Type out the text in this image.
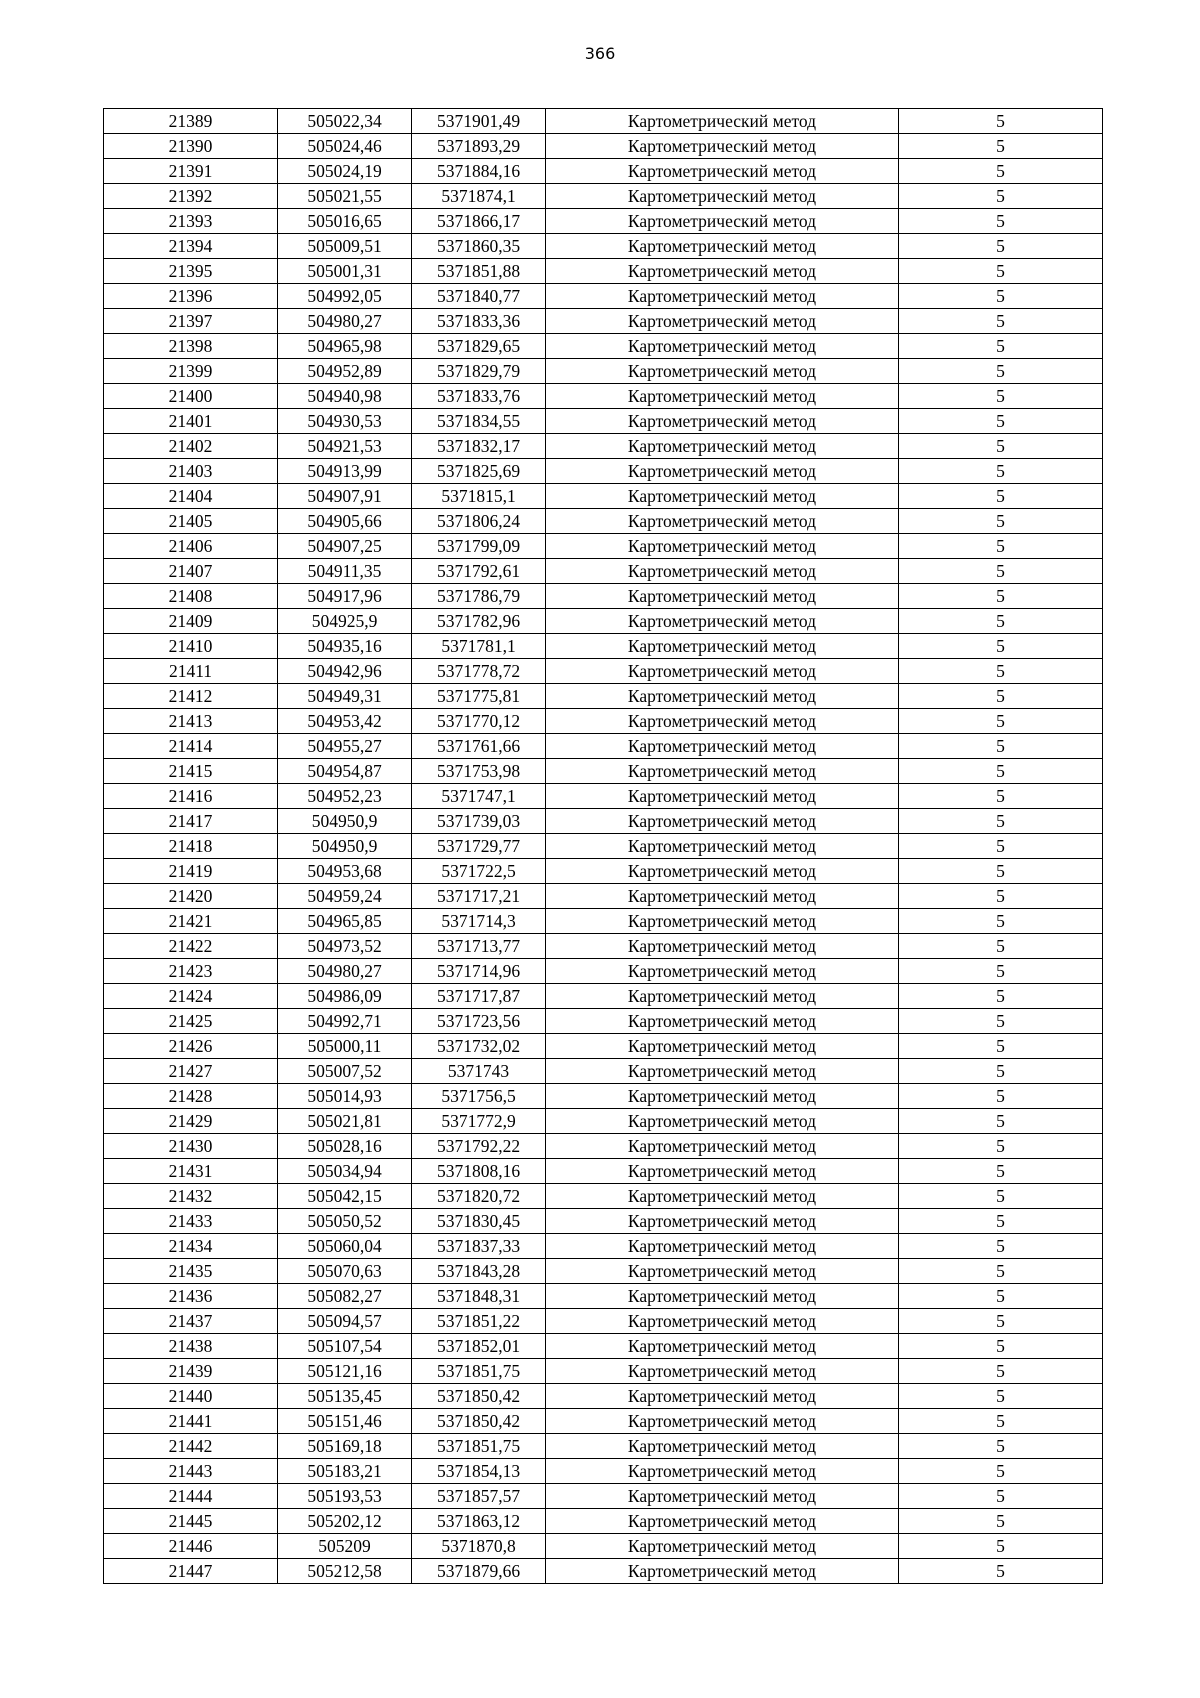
366
21389	505022,34	5371901,49	Картометрический метод	5
21390	505024,46	5371893,29	Картометрический метод	5
21391	505024,19	5371884,16	Картометрический метод	5
21392	505021,55	5371874,1	Картометрический метод	5
21393	505016,65	5371866,17	Картометрический метод	5
21394	505009,51	5371860,35	Картометрический метод	5
21395	505001,31	5371851,88	Картометрический метод	5
21396	504992,05	5371840,77	Картометрический метод	5
21397	504980,27	5371833,36	Картометрический метод	5
21398	504965,98	5371829,65	Картометрический метод	5
21399	504952,89	5371829,79	Картометрический метод	5
21400	504940,98	5371833,76	Картометрический метод	5
21401	504930,53	5371834,55	Картометрический метод	5
21402	504921,53	5371832,17	Картометрический метод	5
21403	504913,99	5371825,69	Картометрический метод	5
21404	504907,91	5371815,1	Картометрический метод	5
21405	504905,66	5371806,24	Картометрический метод	5
21406	504907,25	5371799,09	Картометрический метод	5
21407	504911,35	5371792,61	Картометрический метод	5
21408	504917,96	5371786,79	Картометрический метод	5
21409	504925,9	5371782,96	Картометрический метод	5
21410	504935,16	5371781,1	Картометрический метод	5
21411	504942,96	5371778,72	Картометрический метод	5
21412	504949,31	5371775,81	Картометрический метод	5
21413	504953,42	5371770,12	Картометрический метод	5
21414	504955,27	5371761,66	Картометрический метод	5
21415	504954,87	5371753,98	Картометрический метод	5
21416	504952,23	5371747,1	Картометрический метод	5
21417	504950,9	5371739,03	Картометрический метод	5
21418	504950,9	5371729,77	Картометрический метод	5
21419	504953,68	5371722,5	Картометрический метод	5
21420	504959,24	5371717,21	Картометрический метод	5
21421	504965,85	5371714,3	Картометрический метод	5
21422	504973,52	5371713,77	Картометрический метод	5
21423	504980,27	5371714,96	Картометрический метод	5
21424	504986,09	5371717,87	Картометрический метод	5
21425	504992,71	5371723,56	Картометрический метод	5
21426	505000,11	5371732,02	Картометрический метод	5
21427	505007,52	5371743	Картометрический метод	5
21428	505014,93	5371756,5	Картометрический метод	5
21429	505021,81	5371772,9	Картометрический метод	5
21430	505028,16	5371792,22	Картометрический метод	5
21431	505034,94	5371808,16	Картометрический метод	5
21432	505042,15	5371820,72	Картометрический метод	5
21433	505050,52	5371830,45	Картометрический метод	5
21434	505060,04	5371837,33	Картометрический метод	5
21435	505070,63	5371843,28	Картометрический метод	5
21436	505082,27	5371848,31	Картометрический метод	5
21437	505094,57	5371851,22	Картометрический метод	5
21438	505107,54	5371852,01	Картометрический метод	5
21439	505121,16	5371851,75	Картометрический метод	5
21440	505135,45	5371850,42	Картометрический метод	5
21441	505151,46	5371850,42	Картометрический метод	5
21442	505169,18	5371851,75	Картометрический метод	5
21443	505183,21	5371854,13	Картометрический метод	5
21444	505193,53	5371857,57	Картометрический метод	5
21445	505202,12	5371863,12	Картометрический метод	5
21446	505209	5371870,8	Картометрический метод	5
21447	505212,58	5371879,66	Картометрический метод	5
